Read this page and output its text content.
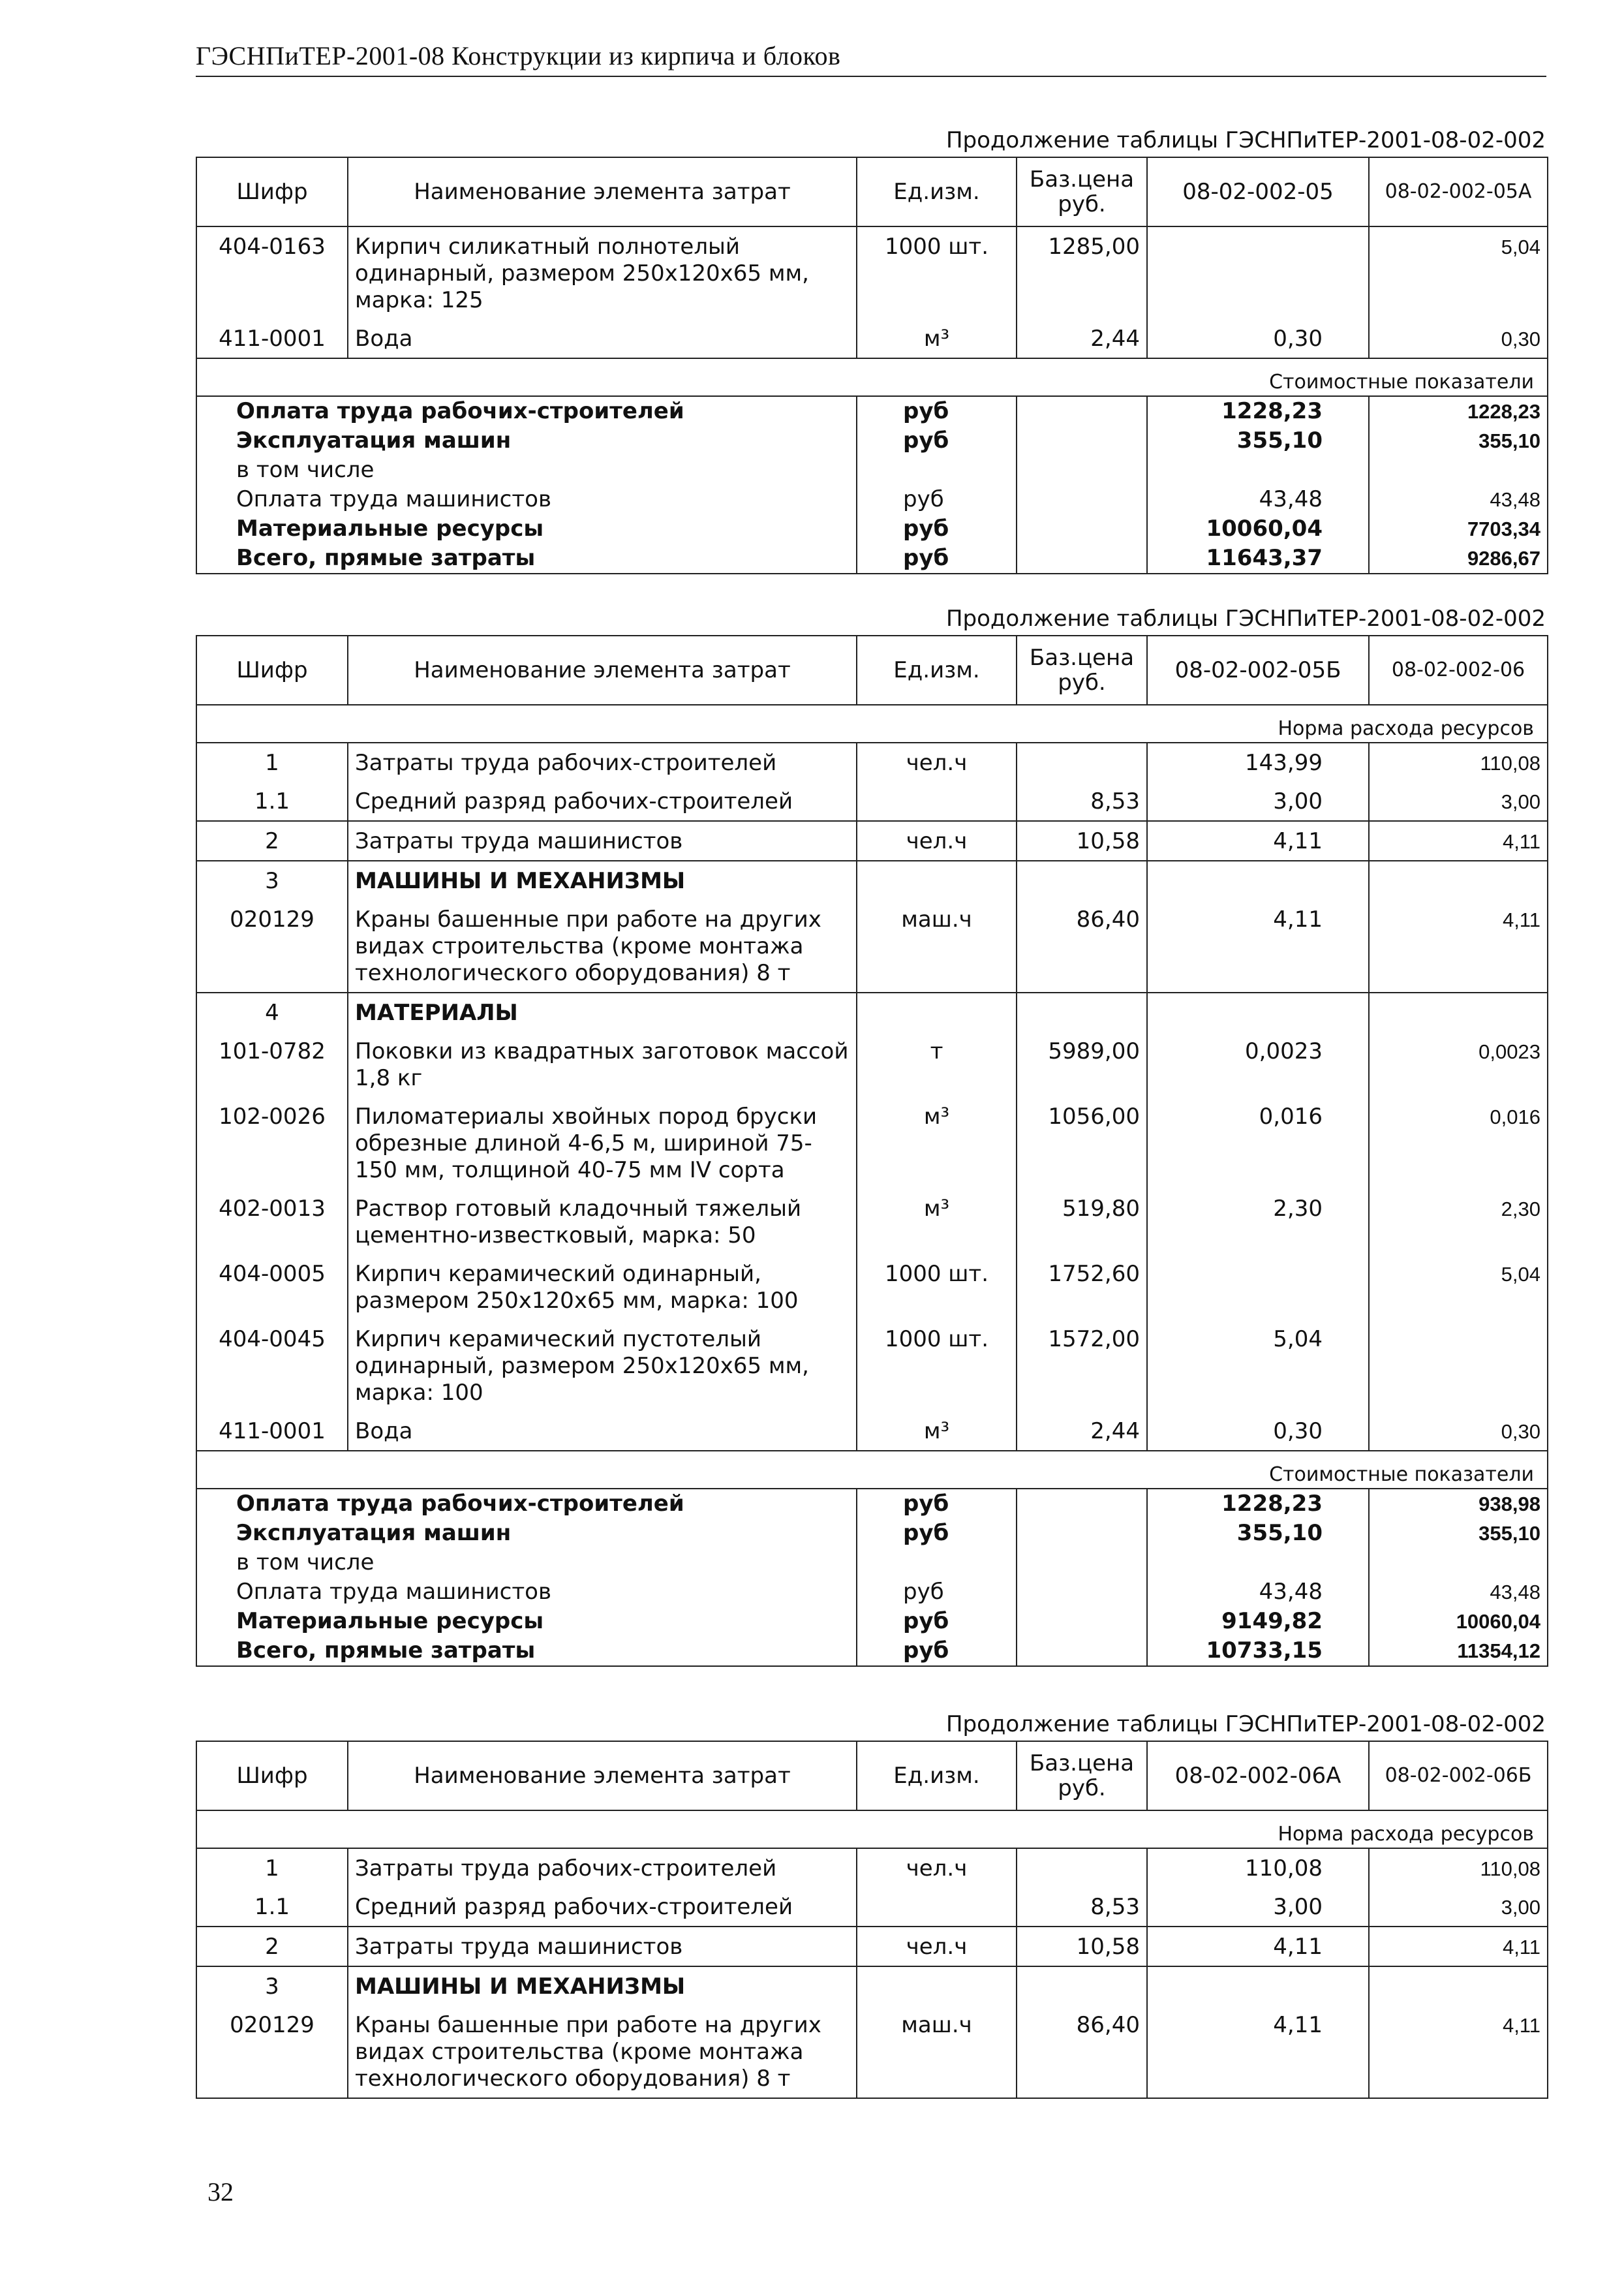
ГЭСНПиТЕР-2001-08 Конструкции из кирпича и блоков
Продолжение таблицы ГЭСНПиТЕР-2001-08-02-002
Шифр	Наименование элемента затрат	Ед.изм.	Баз.цена руб.	08-02-002-05	08-02-002-05А
404-0163	Кирпич силикатный полнотелый одинарный, размером 250х120х65 мм, марка: 125	1000 шт.	1285,00		5,04
411-0001	Вода	м³	2,44	0,30	0,30
Стоимостные показатели					
Оплата труда рабочих-строителей		руб		1228,23	1228,23
Эксплуатация машин		руб		355,10	355,10
в том числе					
Оплата труда машинистов		руб		43,48	43,48
Материальные ресурсы		руб		10060,04	7703,34
Всего, прямые затраты		руб		11643,37	9286,67
Продолжение таблицы ГЭСНПиТЕР-2001-08-02-002
Шифр	Наименование элемента затрат	Ед.изм.	Баз.цена руб.	08-02-002-05Б	08-02-002-06
Норма расхода ресурсов					
1	Затраты труда рабочих-строителей	чел.ч		143,99	110,08
1.1	Средний разряд рабочих-строителей		8,53	3,00	3,00
2	Затраты труда машинистов	чел.ч	10,58	4,11	4,11
3	МАШИНЫ И МЕХАНИЗМЫ				
020129	Краны башенные при работе на других видах строительства (кроме монтажа технологического оборудования) 8 т	маш.ч	86,40	4,11	4,11
4	МАТЕРИАЛЫ				
101-0782	Поковки из квадратных заготовок массой 1,8 кг	т	5989,00	0,0023	0,0023
102-0026	Пиломатериалы хвойных пород бруски обрезные длиной 4-6,5 м, шириной 75-150 мм, толщиной 40-75 мм IV сорта	м³	1056,00	0,016	0,016
402-0013	Раствор готовый кладочный тяжелый цементно-известковый, марка: 50	м³	519,80	2,30	2,30
404-0005	Кирпич керамический одинарный, размером 250х120х65 мм, марка: 100	1000 шт.	1752,60		5,04
404-0045	Кирпич керамический пустотелый одинарный, размером 250х120х65 мм, марка: 100	1000 шт.	1572,00	5,04	
411-0001	Вода	м³	2,44	0,30	0,30
Стоимостные показатели					
Оплата труда рабочих-строителей		руб		1228,23	938,98
Эксплуатация машин		руб		355,10	355,10
в том числе					
Оплата труда машинистов		руб		43,48	43,48
Материальные ресурсы		руб		9149,82	10060,04
Всего, прямые затраты		руб		10733,15	11354,12
Продолжение таблицы ГЭСНПиТЕР-2001-08-02-002
Шифр	Наименование элемента затрат	Ед.изм.	Баз.цена руб.	08-02-002-06А	08-02-002-06Б
Норма расхода ресурсов					
1	Затраты труда рабочих-строителей	чел.ч		110,08	110,08
1.1	Средний разряд рабочих-строителей		8,53	3,00	3,00
2	Затраты труда машинистов	чел.ч	10,58	4,11	4,11
3	МАШИНЫ И МЕХАНИЗМЫ				
020129	Краны башенные при работе на других видах строительства (кроме монтажа технологического оборудования) 8 т	маш.ч	86,40	4,11	4,11
32
